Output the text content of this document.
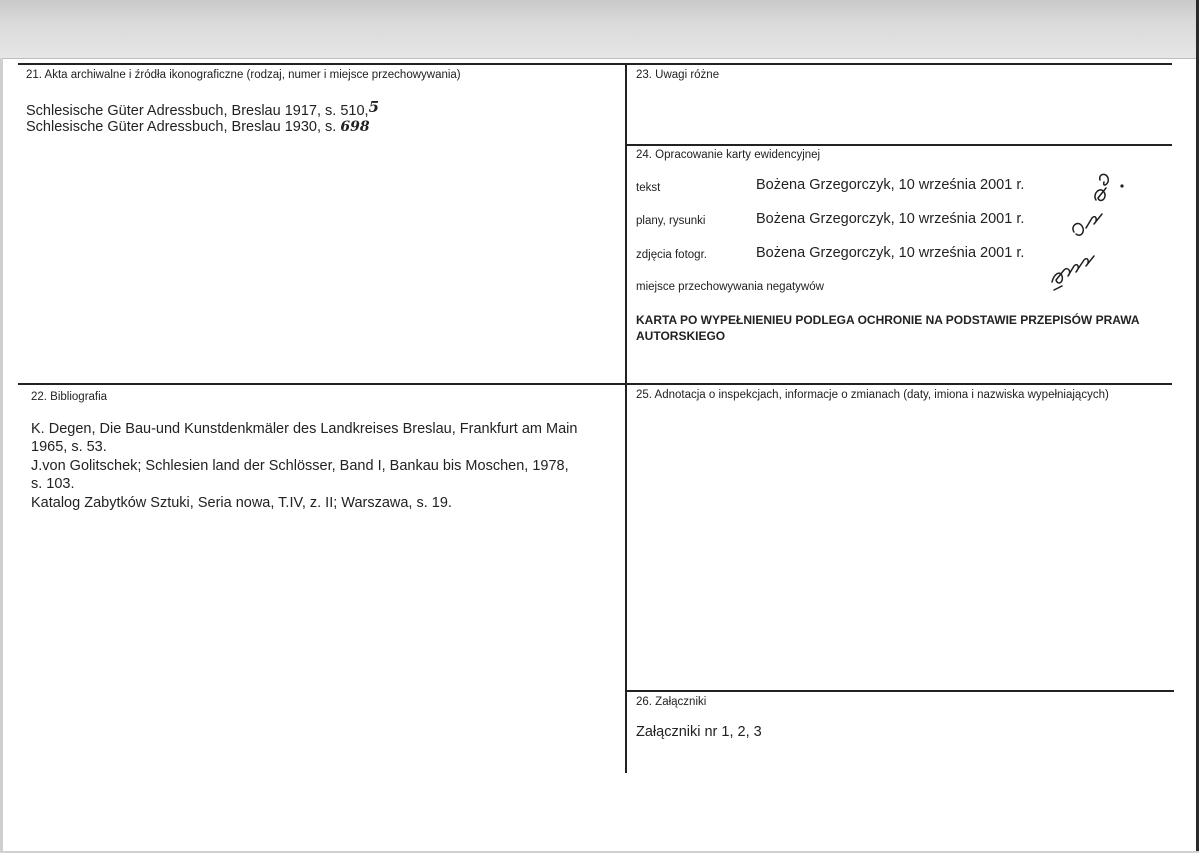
21. Akta archiwalne i źródła ikonograficzne (rodzaj, numer i miejsce przechowywania)
Schlesische Güter Adressbuch, Breslau 1917, s. 510,5
Schlesische Güter Adressbuch, Breslau 1930, s. 698
22. Bibliografia
K. Degen, Die Bau-und Kunstdenkmäler des Landkreises Breslau, Frankfurt am Main
1965, s. 53.
J.von Golitschek; Schlesien land der Schlösser, Band I, Bankau bis Moschen, 1978,
s. 103.
Katalog Zabytków Sztuki, Seria nowa, T.IV, z. II; Warszawa, s. 19.
23. Uwagi różne
24. Opracowanie karty ewidencyjnej
tekst	Bożena Grzegorczyk, 10 września 2001 r.
plany, rysunki	Bożena Grzegorczyk, 10 września 2001 r.
zdjęcia fotogr.	Bożena Grzegorczyk, 10 września 2001 r.
miejsce przechowywania negatywów
KARTA PO WYPEŁNIENIEU PODLEGA OCHRONIE NA PODSTAWIE PRZEPISÓW PRAWA AUTORSKIEGO
25. Adnotacja o inspekcjach, informacje o zmianach (daty, imiona i nazwiska wypełniających)
26. Załączniki
Załączniki nr 1, 2, 3
